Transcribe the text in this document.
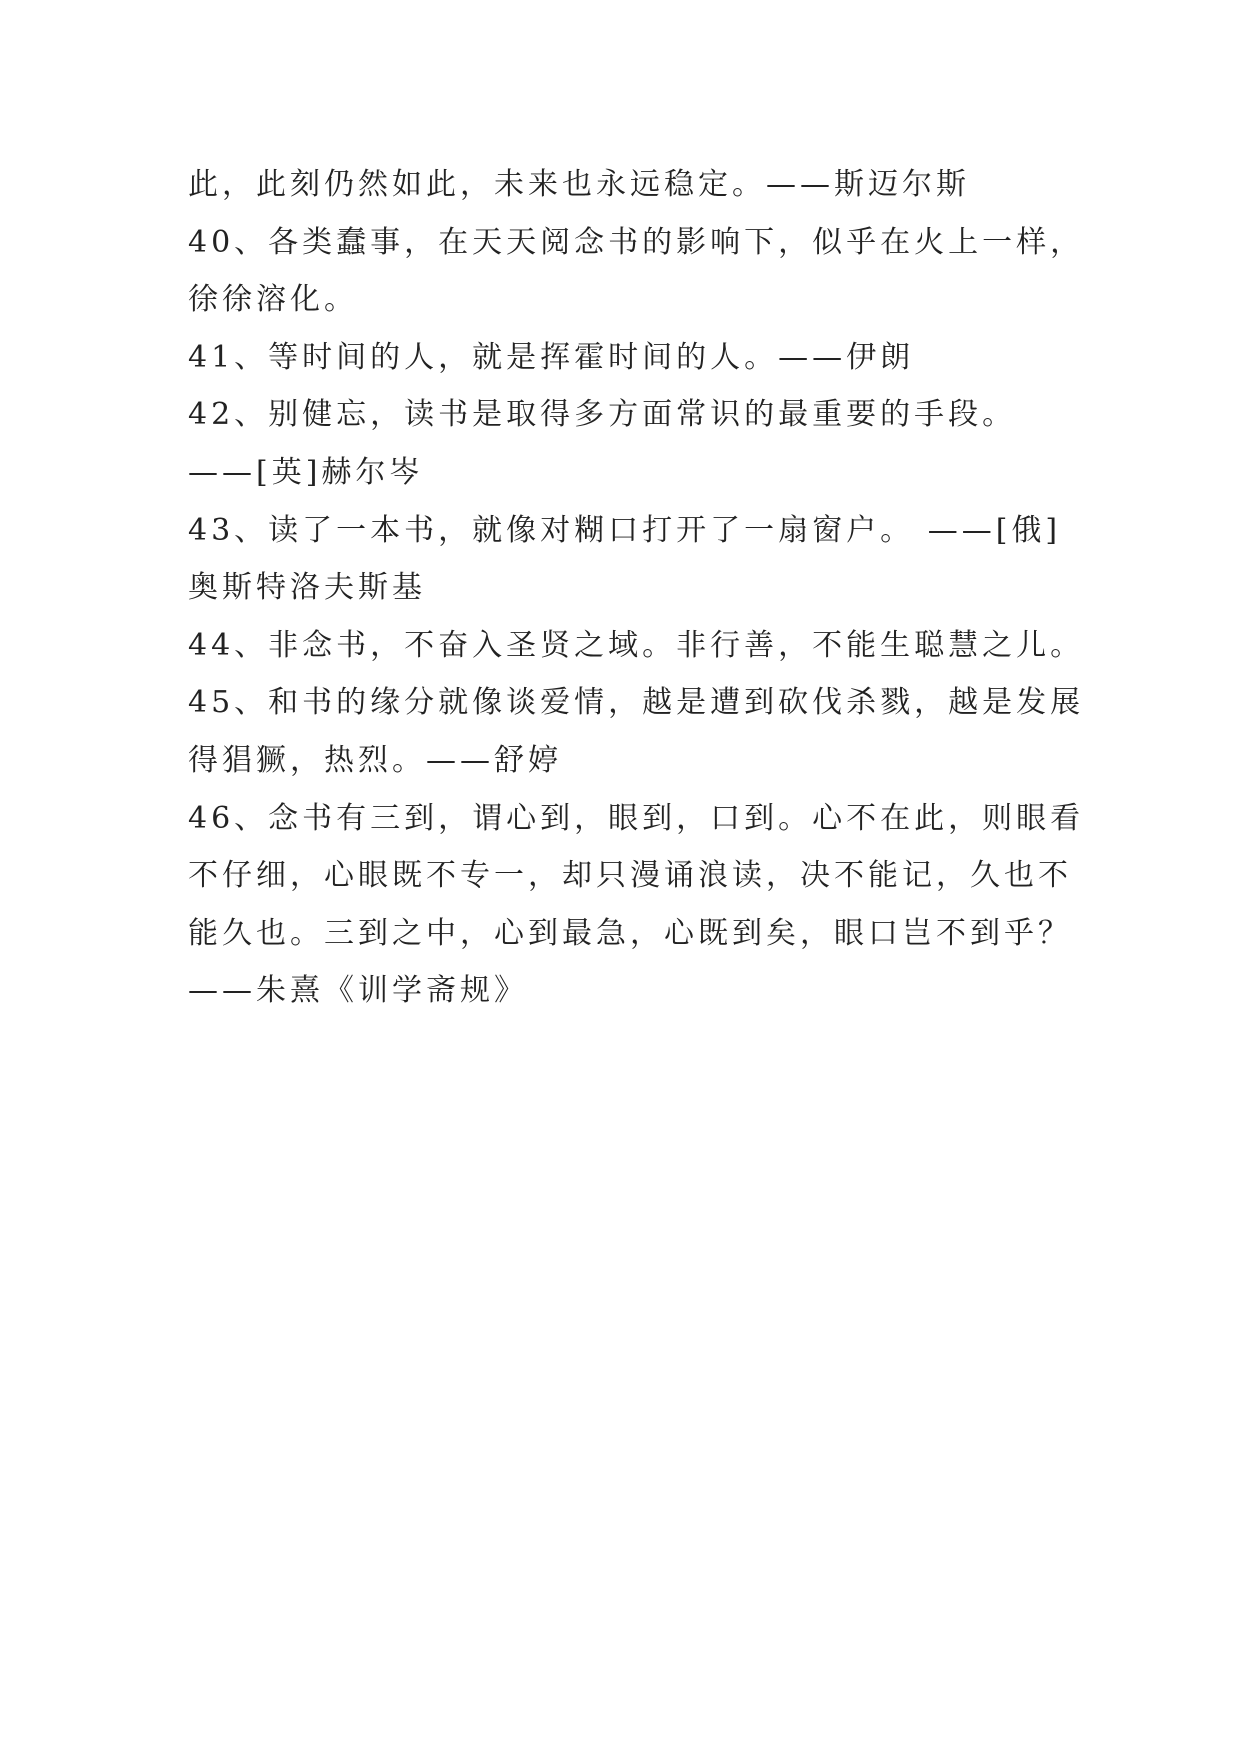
此，此刻仍然如此，未来也永远稳定。——斯迈尔斯
40、各类蠢事，在天天阅念书的影响下，似乎在火上一样，
徐徐溶化。
41、等时间的人，就是挥霍时间的人。——伊朗
42、别健忘，读书是取得多方面常识的最重要的手段。
——[英]赫尔岑
43、读了一本书，就像对糊口打开了一扇窗户。 ——[俄]
奥斯特洛夫斯基
44、非念书，不奋入圣贤之域。非行善，不能生聪慧之儿。
45、和书的缘分就像谈爱情，越是遭到砍伐杀戮，越是发展
得猖獗，热烈。——舒婷
46、念书有三到，谓心到，眼到，口到。心不在此，则眼看
不仔细，心眼既不专一，却只漫诵浪读，决不能记，久也不
能久也。三到之中，心到最急，心既到矣，眼口岂不到乎？
——朱熹《训学斋规》
